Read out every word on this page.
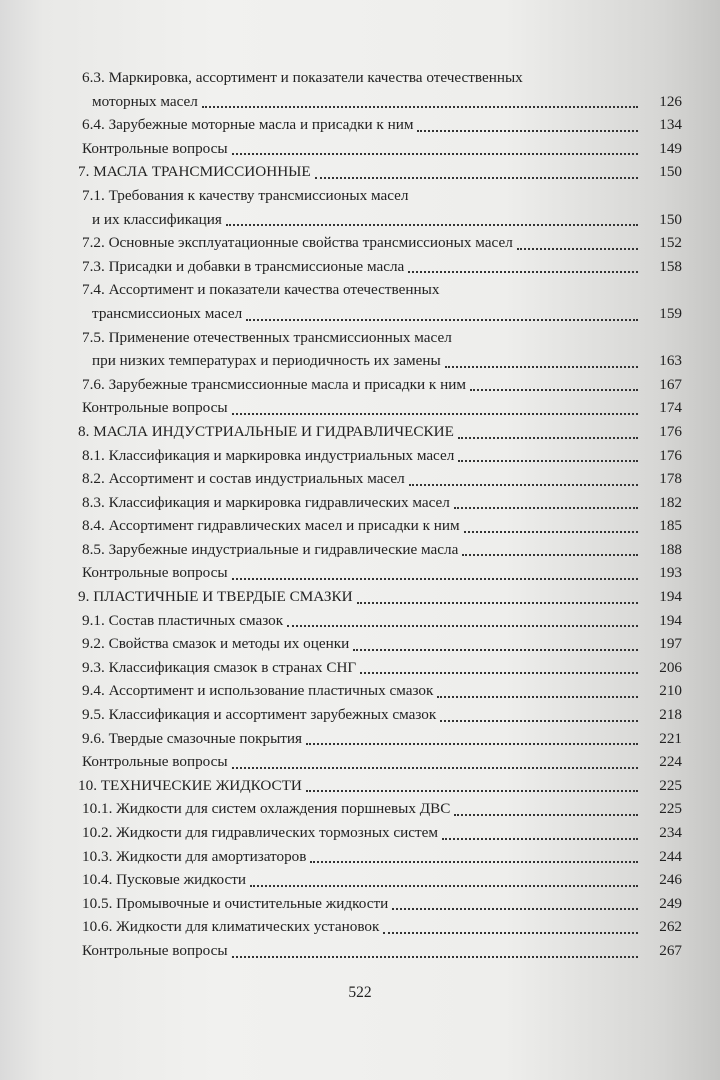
6.3. Маркировка, ассортимент и показатели качества отечественных
моторных масел	126
6.4. Зарубежные моторные масла и присадки к ним	134
Контрольные вопросы	149
7. МАСЛА ТРАНСМИССИОННЫЕ	150
7.1. Требования к качеству трансмиссионых масел
и их классификация	150
7.2. Основные эксплуатационные свойства трансмиссионых масел	152
7.3. Присадки и добавки в трансмиссионые масла	158
7.4. Ассортимент и показатели качества отечественных
трансмиссионых масел	159
7.5. Применение отечественных трансмиссионных масел
при низких температурах и периодичность их замены	163
7.6. Зарубежные трансмиссионные масла и присадки к ним	167
Контрольные вопросы	174
8. МАСЛА ИНДУСТРИАЛЬНЫЕ И ГИДРАВЛИЧЕСКИЕ	176
8.1. Классификация и маркировка индустриальных масел	176
8.2. Ассортимент и состав индустриальных масел	178
8.3. Классификация и маркировка гидравлических масел	182
8.4. Ассортимент гидравлических масел и присадки к ним	185
8.5. Зарубежные индустриальные и гидравлические масла	188
Контрольные вопросы	193
9. ПЛАСТИЧНЫЕ И ТВЕРДЫЕ СМАЗКИ	194
9.1. Состав пластичных смазок	194
9.2. Свойства смазок и методы их оценки	197
9.3. Классификация смазок в странах СНГ	206
9.4. Ассортимент и использование пластичных смазок	210
9.5. Классификация и ассортимент зарубежных смазок	218
9.6. Твердые смазочные покрытия	221
Контрольные вопросы	224
10. ТЕХНИЧЕСКИЕ ЖИДКОСТИ	225
10.1. Жидкости для систем охлаждения поршневых ДВС	225
10.2. Жидкости для гидравлических тормозных систем	234
10.3. Жидкости для амортизаторов	244
10.4. Пусковые жидкости	246
10.5. Промывочные и очистительные жидкости	249
10.6. Жидкости для климатических установок	262
Контрольные вопросы	267
522
